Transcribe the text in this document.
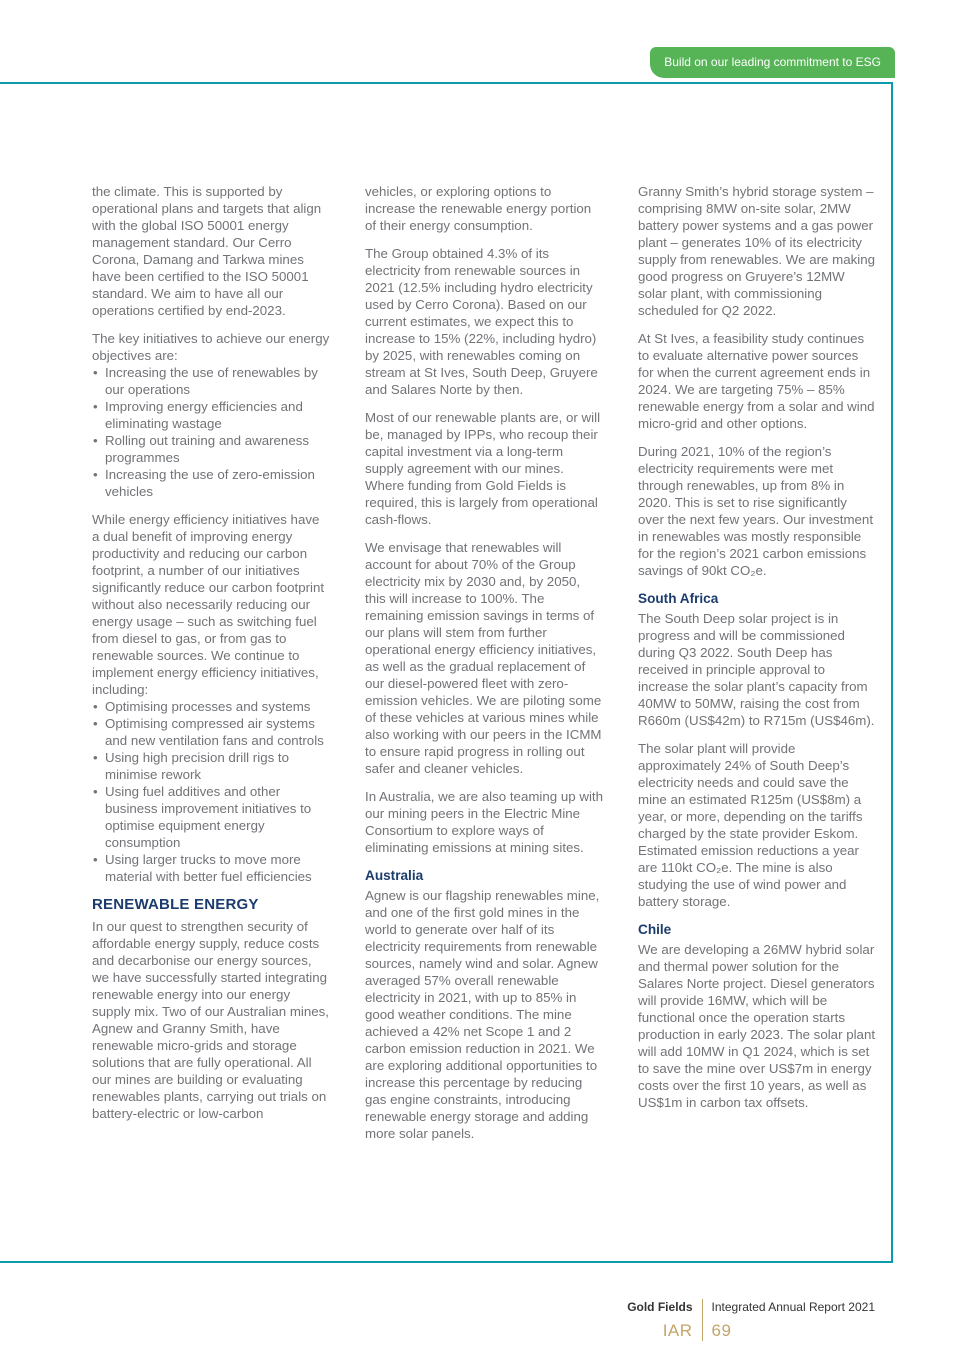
Build on our leading commitment to ESG

the climate. This is supported by operational plans and targets that align with the global ISO 50001 energy management standard. Our Cerro Corona, Damang and Tarkwa mines have been certified to the ISO 50001 standard. We aim to have all our operations certified by end-2023.

The key initiatives to achieve our energy objectives are:

• Increasing the use of renewables by our operations
• Improving energy efficiencies and eliminating wastage
• Rolling out training and awareness programmes
• Increasing the use of zero-emission vehicles

While energy efficiency initiatives have a dual benefit of improving energy productivity and reducing our carbon footprint, a number of our initiatives significantly reduce our carbon footprint without also necessarily reducing our energy usage – such as switching fuel from diesel to gas, or from gas to renewable sources. We continue to implement energy efficiency initiatives, including:

• Optimising processes and systems
• Optimising compressed air systems and new ventilation fans and controls
• Using high precision drill rigs to minimise rework
• Using fuel additives and other business improvement initiatives to optimise equipment energy consumption
• Using larger trucks to move more material with better fuel efficiencies
RENEWABLE ENERGY

In our quest to strengthen security of affordable energy supply, reduce costs and decarbonise our energy sources, we have successfully started integrating renewable energy into our energy supply mix. Two of our Australian mines, Agnew and Granny Smith, have renewable micro-grids and storage solutions that are fully operational. All our mines are building or evaluating renewables plants, carrying out trials on battery-electric or low-carbon

vehicles, or exploring options to increase the renewable energy portion of their energy consumption.

The Group obtained 4.3% of its electricity from renewable sources in 2021 (12.5% including hydro electricity used by Cerro Corona). Based on our current estimates, we expect this to increase to 15% (22%, including hydro) by 2025, with renewables coming on stream at St Ives, South Deep, Gruyere and Salares Norte by then.

Most of our renewable plants are, or will be, managed by IPPs, who recoup their capital investment via a long-term supply agreement with our mines. Where funding from Gold Fields is required, this is largely from operational cash-flows.

We envisage that renewables will account for about 70% of the Group electricity mix by 2030 and, by 2050, this will increase to 100%. The remaining emission savings in terms of our plans will stem from further operational energy efficiency initiatives, as well as the gradual replacement of our diesel-powered fleet with zero-emission vehicles. We are piloting some of these vehicles at various mines while also working with our peers in the ICMM to ensure rapid progress in rolling out safer and cleaner vehicles.

In Australia, we are also teaming up with our mining peers in the Electric Mine Consortium to explore ways of eliminating emissions at mining sites.

Australia

Agnew is our flagship renewables mine, and one of the first gold mines in the world to generate over half of its electricity requirements from renewable sources, namely wind and solar. Agnew averaged 57% overall renewable electricity in 2021, with up to 85% in good weather conditions. The mine achieved a 42% net Scope 1 and 2 carbon emission reduction in 2021. We are exploring additional opportunities to increase this percentage by reducing gas engine constraints, introducing renewable energy storage and adding more solar panels.

Granny Smith’s hybrid storage system – comprising 8MW on-site solar, 2MW battery power systems and a gas power plant – generates 10% of its electricity supply from renewables. We are making good progress on Gruyere’s 12MW solar plant, with commissioning scheduled for Q2 2022.

At St Ives, a feasibility study continues to evaluate alternative power sources for when the current agreement ends in 2024. We are targeting 75% – 85% renewable energy from a solar and wind micro-grid and other options.

During 2021, 10% of the region’s electricity requirements were met through renewables, up from 8% in 2020. This is set to rise significantly over the next few years. Our investment in renewables was mostly responsible for the region’s 2021 carbon emissions savings of 90kt CO₂e.

South Africa

The South Deep solar project is in progress and will be commissioned during Q3 2022. South Deep has received in principle approval to increase the solar plant’s capacity from 40MW to 50MW, raising the cost from R660m (US$42m) to R715m (US$46m).

The solar plant will provide approximately 24% of South Deep’s electricity needs and could save the mine an estimated R125m (US$8m) a year, or more, depending on the tariffs charged by the state provider Eskom. Estimated emission reductions a year are 110kt CO₂e. The mine is also studying the use of wind power and battery storage.

Chile

We are developing a 26MW hybrid solar and thermal power solution for the Salares Norte project. Diesel generators will provide 16MW, which will be functional once the operation starts production in early 2023. The solar plant will add 10MW in Q1 2024, which is set to save the mine over US$7m in energy costs over the first 10 years, as well as US$1m in carbon tax offsets.

Gold Fields
IAR
Integrated Annual Report 2021
69
